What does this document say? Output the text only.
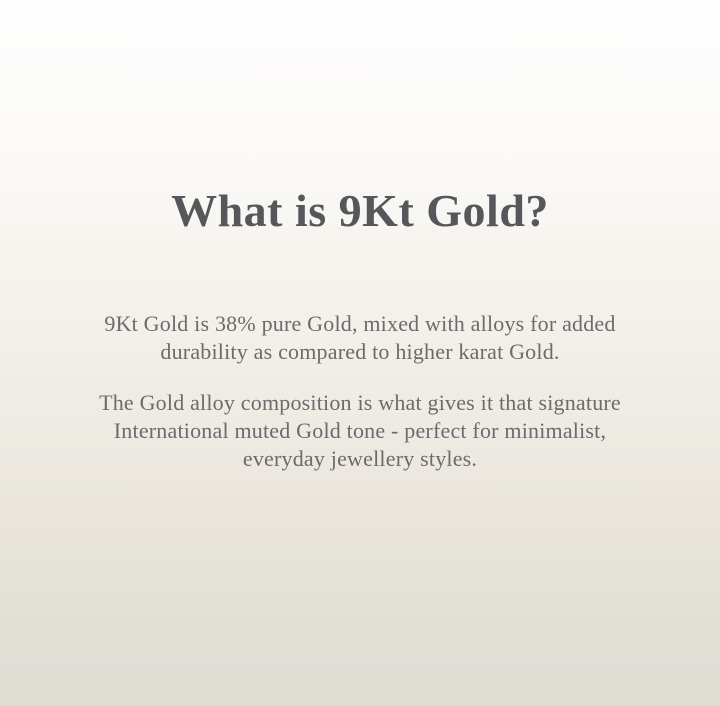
What is 9Kt Gold?

9Kt Gold is 38% pure Gold, mixed with alloys for added
durability as compared to higher karat Gold.

The Gold alloy composition is what gives it that signature
International muted Gold tone - perfect for minimalist,
everyday jewellery styles.
